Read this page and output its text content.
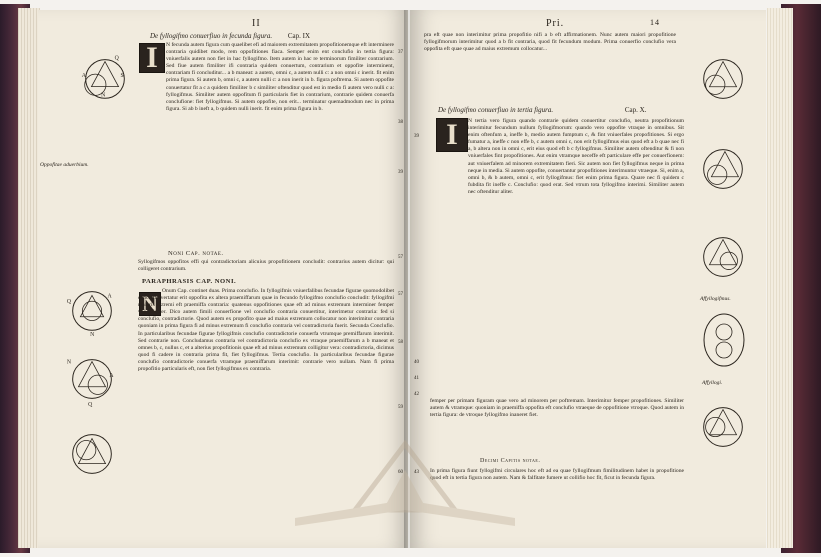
II
De fyllogifmo conuerfiuo in fecunda figura. Cap. IX
I	N fecunda autem figura cum quaelibet efi ad maiorem extremitatem propofitionemque eft interminere contraria quidibet modo, rem oppofitiones fiaca. Semper enim ent conclufio in tertia figura: vniuerfalis autem non fiet in hac fyllogifmo. Item autem in hac re terminorum fimiliter contrarium. Sed fiue autem fimiliter ifi contraria quidem conuertum, contrarium et oppofite interminent, contrariam fi concluditur... a b maneat: a autem, omni c, a autem nulli c: a non omni c inerit. fit enim prima figura. Si autem b, omni c, a autem nulli c: a non inerit in b. figura poftrema. Si autem oppofite conuertatur fit a c a quidem fimiliter b c similiter oftenditur quod est in medio fi autem vero nulli c a: fyllogifmus. Similiter autem oppofitum fi particularis fiet in contrarium, contrarie quidem conuerfa conclufione: fiet fyllogifmus. Si autem oppofite, non erit... terminatur quemadmodum nec in prima figura. Si ab b ineft a, b quidem nulli inerit. fit enim prima figura in b.

Oppofitae aduerbium.
Q
S
N
A
Noni Cap. notae.

Syllogifmos oppofitos effi qui contradictoriam alicuius propofitionem concludit: contrarius autem dicitur: qui colligeret contrarium.

PARAPHRASIS CAP. NONI.
N Onum Cap. continet duas. Prima conclufio. In fyllogifmis vniuerfalibus fecundae figurae quomodolibet conclufio vertatur erit oppofita ex altera praemiffarum quae in fecundo fyllogifmo conclufio concludit: fyllogifmi maioris extremi eft praemiffa contraria: quatenus oppofitiones quae eft ad minus extremum interminer femper vniuerfaliter. Dico autem fimili conuerfione vel conclufio contraria conuertitur, interimetur contraria: fed si conclufio, contradictorie. Quod autem ex propofito quae ad maius extremum collocatur non interimitur contraria quoniam in prima figura fi ad minus extremum fi conclufio contraria vel contradictoria fuerit. Secunda Conclufio. In particularibus fecundae figurae fyllogifmis conclufio contradictorie conuerfa vtrumque premiffarum interimit. Sed contrarie non. Concludamus contraria vel contradictoria conclufio ex vtraque praemiffarum a b maneat et omnes b, c, nullus c, et a alterius propofitionis quae eft ad minus extremum colligitur vera: contradictoria, dicimus quod fi cadere in contraria prima fit, fiet fyllogifmus. Tertia conclufio. In particularibus fecundae figurae conclufio contradictorie conuerfa vtramque praemiffarum interimit: contrarie vero nullam. Nam fi prima propofitio particularis eft, non fiet fyllogifmus ex contraria.

A
Q
N
N
A
Q
37
38
39
57
57
58
59
60
Pri.	14

pra eft quae non interimitur prima propofitio nifi a b eft affirmationem. Nunc autem maiori propofitione fyllogifmorum interimitur quod a b fit contraria, quod fit fecundum modum. Prima conuerfio conclufio vera oppofita eft quae quae ad maius extremum collocatur...

De fyllogifmo conuerfiuo in tertia figura.	Cap. X.
I	N tertia vero figura quando contrarie quidem conuertitur conclufio, neutra propofitionum interimitur fecundum nullum fyllogifmorum: quando vero oppofite vtraque in omnibus. Sit enim oftenfum a, ineffe b, medio autem fumptum c, & fint vniuerfales propofitiones. Si ergo fumatur a, ineffe c non effe b, c autem omni c, non erit fyllogifmus eius quod eft a b quae nec fi a, b altera non in omni c, erit eius quod eft b c fyllogifmus. Similiter autem oftenditur & fi non vniuerfales fint propofitiones. Aut enim vtramque neceffe eft particulare effe per conuerfionem: aut vniuerfalem ad minorem extremitatem fieri. Sic autem non fiet fyllogifmus neque in prima neque in media. Si autem oppofite, conuertantur propofitiones interimuntur vtraeque. Si, enim a, omni b, & b autem, omni c, erit fyllogifmus: fiet enim prima figura. Quare nec fi quidem c fubdita fit ineffe c. Conclufio: quod erat. Sed vtrum tota fyllogifmo interimi. Similiter autem nec oftenditur aliter.

femper per primam figuram quae vero ad minorem per poftremam. Interimitur femper propofitiones. Similiter autem & vtramque: quoniam in praemiffa oppofita eft conclufio vtraeque de oppofitione vtroque. Quod autem in tertia figura: de vtroque fyllogifmo inaneret fiet.

Decimi Capitis notae.

In prima figura fiunt fyllogifmi circulares hoc eft ad ea quae fyllogifmum fimilitudinem habet in propofitione quod eft in tertia figura non autem. Nam & falfitate fumere ut collifio hoc fit, ficut in fecunda figura.

Affyllogifmus.
Affyllogi.
39
40
41
42
43
